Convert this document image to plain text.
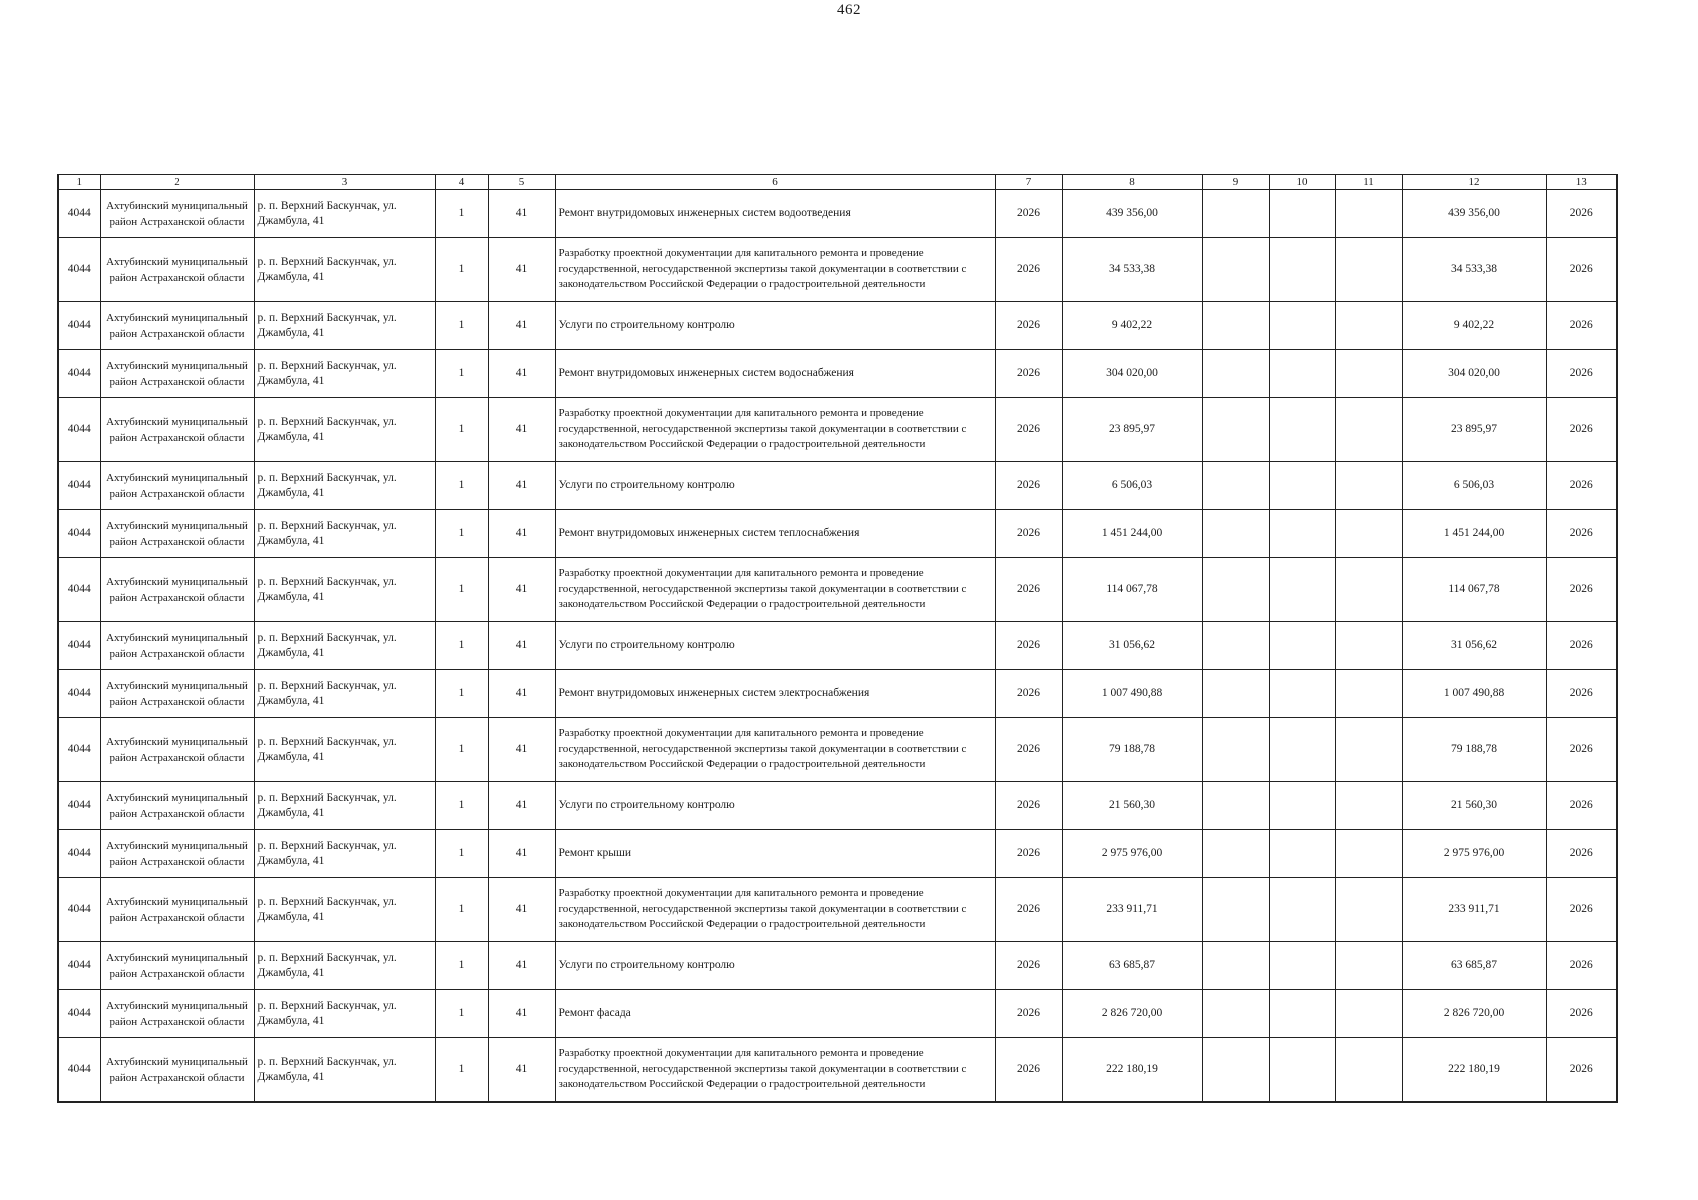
462
1	2	3	4	5	6	7	8	9	10	11	12	13
4044	Ахтубинский муниципальный район Астраханской области	р. п. Верхний Баскунчак, ул. Джамбула, 41	1	41	Ремонт внутридомовых инженерных систем водоотведения	2026	439 356,00				439 356,00	2026
4044	Ахтубинский муниципальный район Астраханской области	р. п. Верхний Баскунчак, ул. Джамбула, 41	1	41	Разработку проектной документации для капитального ремонта и проведение государственной, негосударственной экспертизы такой документации в соответствии с законодательством Российской Федерации о градостроительной деятельности	2026	34 533,38				34 533,38	2026
4044	Ахтубинский муниципальный район Астраханской области	р. п. Верхний Баскунчак, ул. Джамбула, 41	1	41	Услуги по строительному контролю	2026	9 402,22				9 402,22	2026
4044	Ахтубинский муниципальный район Астраханской области	р. п. Верхний Баскунчак, ул. Джамбула, 41	1	41	Ремонт внутридомовых инженерных систем водоснабжения	2026	304 020,00				304 020,00	2026
4044	Ахтубинский муниципальный район Астраханской области	р. п. Верхний Баскунчак, ул. Джамбула, 41	1	41	Разработку проектной документации для капитального ремонта и проведение государственной, негосударственной экспертизы такой документации в соответствии с законодательством Российской Федерации о градостроительной деятельности	2026	23 895,97				23 895,97	2026
4044	Ахтубинский муниципальный район Астраханской области	р. п. Верхний Баскунчак, ул. Джамбула, 41	1	41	Услуги по строительному контролю	2026	6 506,03				6 506,03	2026
4044	Ахтубинский муниципальный район Астраханской области	р. п. Верхний Баскунчак, ул. Джамбула, 41	1	41	Ремонт внутридомовых инженерных систем теплоснабжения	2026	1 451 244,00				1 451 244,00	2026
4044	Ахтубинский муниципальный район Астраханской области	р. п. Верхний Баскунчак, ул. Джамбула, 41	1	41	Разработку проектной документации для капитального ремонта и проведение государственной, негосударственной экспертизы такой документации в соответствии с законодательством Российской Федерации о градостроительной деятельности	2026	114 067,78				114 067,78	2026
4044	Ахтубинский муниципальный район Астраханской области	р. п. Верхний Баскунчак, ул. Джамбула, 41	1	41	Услуги по строительному контролю	2026	31 056,62				31 056,62	2026
4044	Ахтубинский муниципальный район Астраханской области	р. п. Верхний Баскунчак, ул. Джамбула, 41	1	41	Ремонт внутридомовых инженерных систем электроснабжения	2026	1 007 490,88				1 007 490,88	2026
4044	Ахтубинский муниципальный район Астраханской области	р. п. Верхний Баскунчак, ул. Джамбула, 41	1	41	Разработку проектной документации для капитального ремонта и проведение государственной, негосударственной экспертизы такой документации в соответствии с законодательством Российской Федерации о градостроительной деятельности	2026	79 188,78				79 188,78	2026
4044	Ахтубинский муниципальный район Астраханской области	р. п. Верхний Баскунчак, ул. Джамбула, 41	1	41	Услуги по строительному контролю	2026	21 560,30				21 560,30	2026
4044	Ахтубинский муниципальный район Астраханской области	р. п. Верхний Баскунчак, ул. Джамбула, 41	1	41	Ремонт крыши	2026	2 975 976,00				2 975 976,00	2026
4044	Ахтубинский муниципальный район Астраханской области	р. п. Верхний Баскунчак, ул. Джамбула, 41	1	41	Разработку проектной документации для капитального ремонта и проведение государственной, негосударственной экспертизы такой документации в соответствии с законодательством Российской Федерации о градостроительной деятельности	2026	233 911,71				233 911,71	2026
4044	Ахтубинский муниципальный район Астраханской области	р. п. Верхний Баскунчак, ул. Джамбула, 41	1	41	Услуги по строительному контролю	2026	63 685,87				63 685,87	2026
4044	Ахтубинский муниципальный район Астраханской области	р. п. Верхний Баскунчак, ул. Джамбула, 41	1	41	Ремонт фасада	2026	2 826 720,00				2 826 720,00	2026
4044	Ахтубинский муниципальный район Астраханской области	р. п. Верхний Баскунчак, ул. Джамбула, 41	1	41	Разработку проектной документации для капитального ремонта и проведение государственной, негосударственной экспертизы такой документации в соответствии с законодательством Российской Федерации о градостроительной деятельности	2026	222 180,19				222 180,19	2026
